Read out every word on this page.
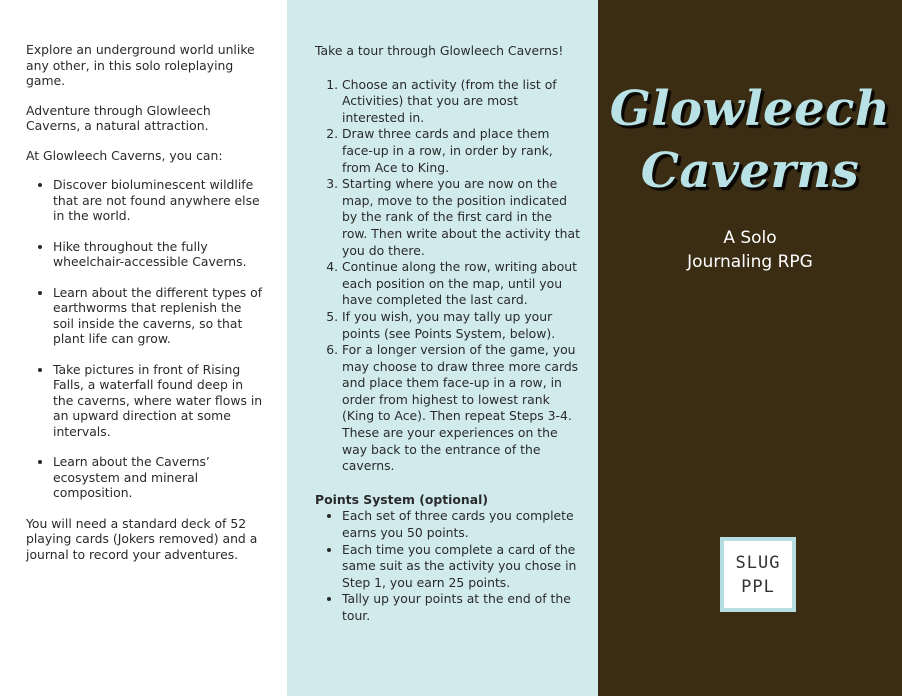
Explore an underground world unlike any other, in this solo roleplaying game.

Adventure through Glowleech Caverns, a natural attraction.

At Glowleech Caverns, you can:

• Discover bioluminescent wildlife that are not found anywhere else in the world.
• Hike throughout the fully wheelchair-accessible Caverns.
• Learn about the different types of earthworms that replenish the soil inside the caverns, so that plant life can grow.
• Take pictures in front of Rising Falls, a waterfall found deep in the caverns, where water flows in an upward direction at some intervals.
• Learn about the Caverns’ ecosystem and mineral composition.

You will need a standard deck of 52 playing cards (Jokers removed) and a journal to record your adventures.

Take a tour through Glowleech Caverns!

1. Choose an activity (from the list of Activities) that you are most interested in.
2. Draw three cards and place them face-up in a row, in order by rank, from Ace to King.
3. Starting where you are now on the map, move to the position indicated by the rank of the first card in the row. Then write about the activity that you do there.
4. Continue along the row, writing about each position on the map, until you have completed the last card.
5. If you wish, you may tally up your points (see Points System, below).
6. For a longer version of the game, you may choose to draw three more cards and place them face-up in a row, in order from highest to lowest rank (King to Ace). Then repeat Steps 3-4. These are your experiences on the way back to the entrance of the caverns.
Points System (optional)
• Each set of three cards you complete earns you 50 points.
• Each time you complete a card of the same suit as the activity you chose in Step 1, you earn 25 points.
• Tally up your points at the end of the tour.
Glowleech
Caverns
A Solo
Journaling RPG
SLUG
PPL
